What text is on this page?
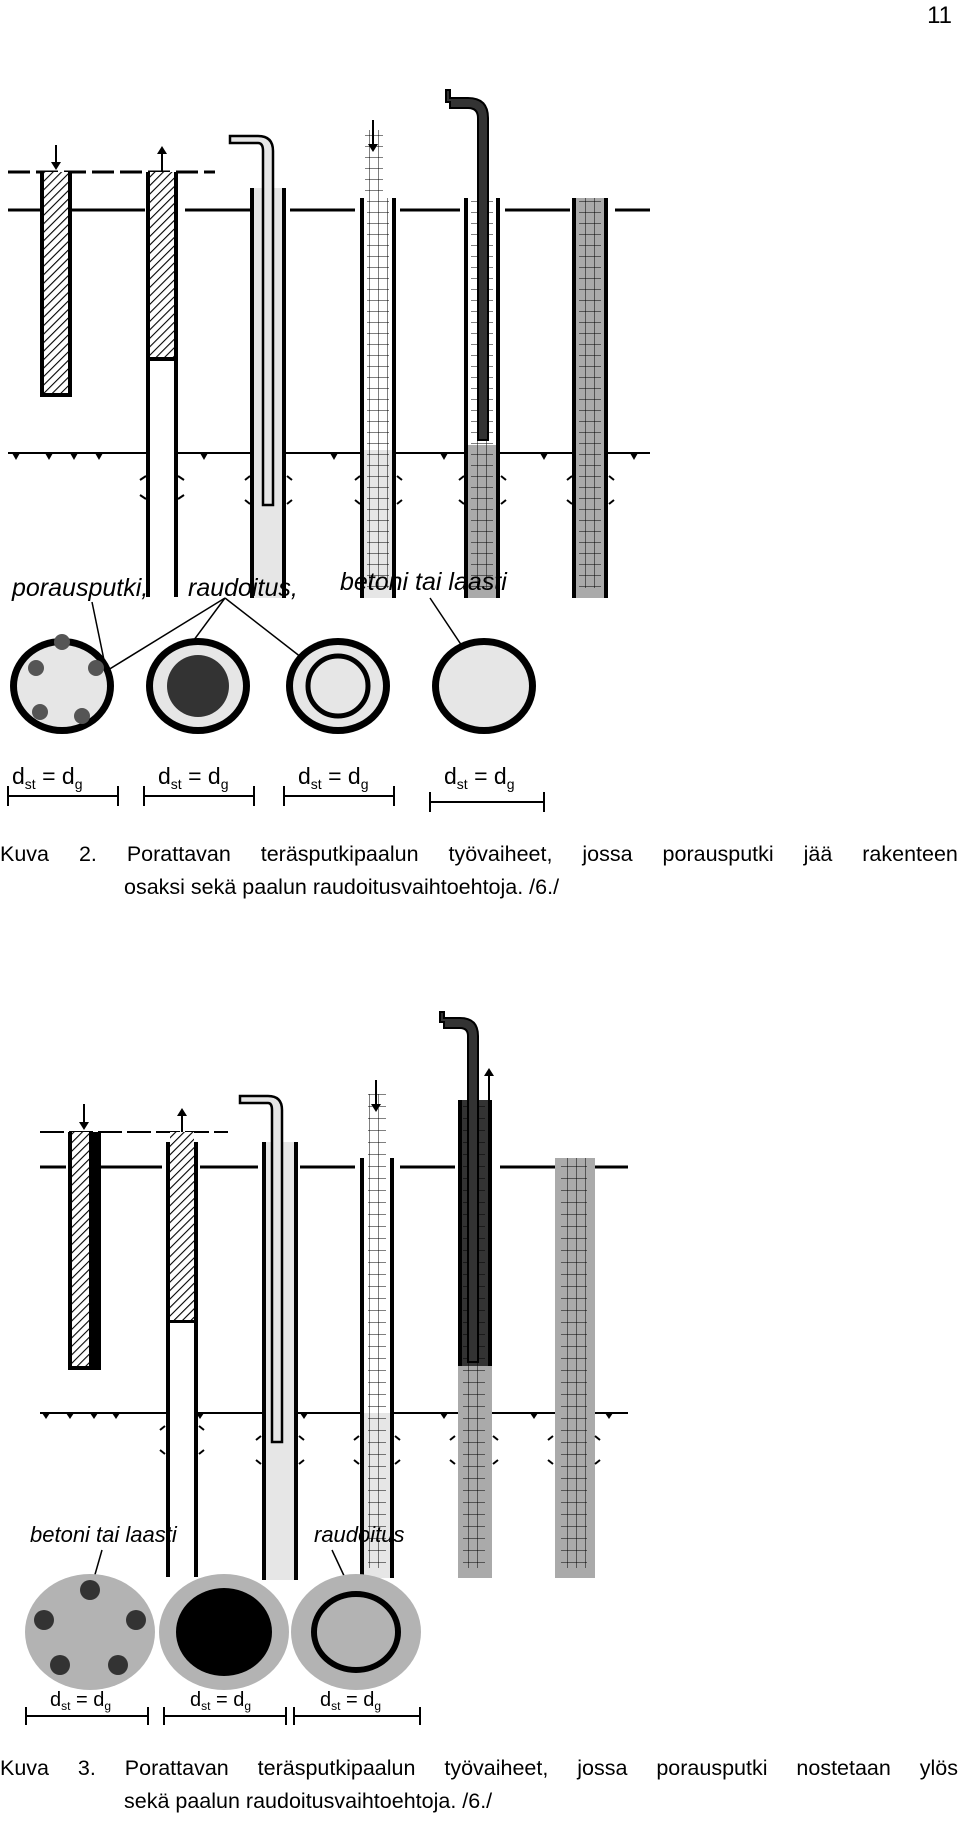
11
porausputki, raudoitus, betoni tai laasti
$d_{st} = d_g$	$d_{st} = d_g$	$d_{st} = d_g$	$d_{st} = d_g$
Kuva 2. Porattavan teräsputkipaalun työvaiheet, jossa porausputki jää rakenteen
osaksi sekä paalun raudoitusvaihtoehtoja. /6./
betoni tai laasti	raudoitus
$d_{st} = d_g$	$d_{st} = d_g$	$d_{st} = d_g$
Kuva 3. Porattavan teräsputkipaalun työvaiheet, jossa porausputki nostetaan ylös
sekä paalun raudoitusvaihtoehtoja. /6./
